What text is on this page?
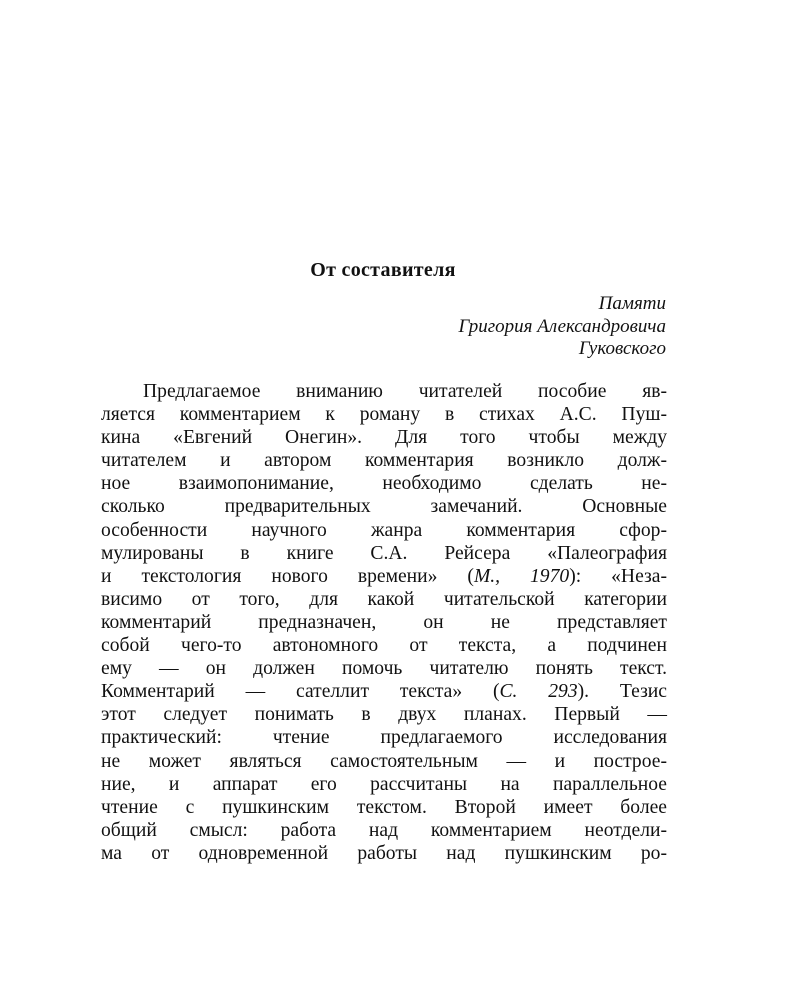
От составителя
Памяти
Григория Александровича
Гуковского
Предлагаемое вниманию читателей пособие яв-
ляется комментарием к роману в стихах А.С. Пуш-
кина «Евгений Онегин». Для того чтобы между
читателем и автором комментария возникло долж-
ное взаимопонимание, необходимо сделать не-
сколько предварительных замечаний. Основные
особенности научного жанра комментария сфор-
мулированы в книге С.А. Рейсера «Палеография
и текстология нового времени» (М., 1970): «Неза-
висимо от того, для какой читательской категории
комментарий предназначен, он не представляет
собой чего-то автономного от текста, а подчинен
ему — он должен помочь читателю понять текст.
Комментарий — сателлит текста» (С. 293). Тезис
этот следует понимать в двух планах. Первый —
практический: чтение предлагаемого исследования
не может являться самостоятельным — и построе-
ние, и аппарат его рассчитаны на параллельное
чтение с пушкинским текстом. Второй имеет более
общий смысл: работа над комментарием неотдели-
ма от одновременной работы над пушкинским ро-
